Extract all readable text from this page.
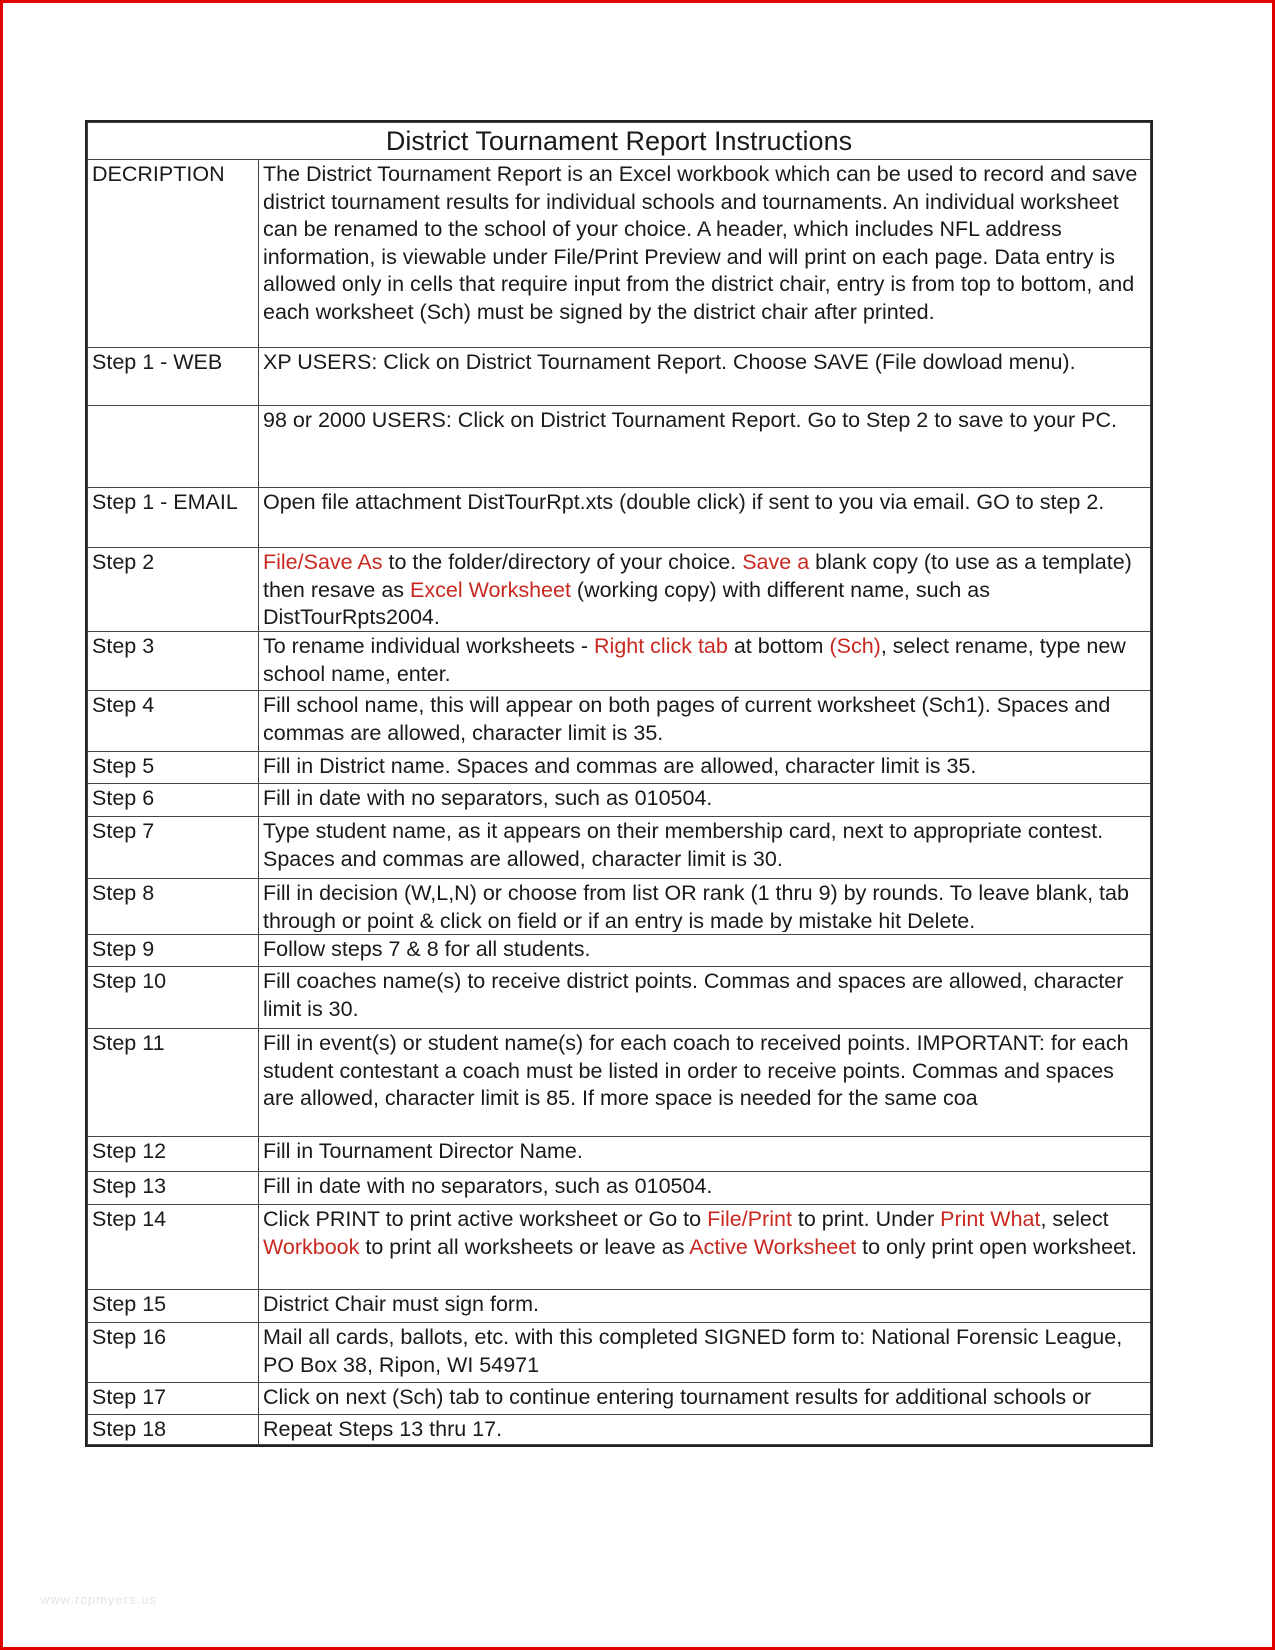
District Tournament Report Instructions	
DECRIPTION	The District Tournament Report is an Excel workbook which can be used to record and save district tournament results for individual schools and tournaments. An individual worksheet can be renamed to the school of your choice. A header, which includes NFL address information, is viewable under File/Print Preview and will print on each page. Data entry is allowed only in cells that require input from the district chair, entry is from top to bottom, and each worksheet (Sch) must be signed by the district chair after printed.

Step 1 - WEB	XP USERS: Click on District Tournament Report. Choose SAVE (File dowload menu).

	98 or 2000 USERS: Click on District Tournament Report. Go to Step 2 to save to your PC.

Step 1 - EMAIL	Open file attachment DistTourRpt.xts (double click) if sent to you via email. GO to step 2.

Step 2	File/Save As to the folder/directory of your choice. Save a blank copy (to use as a template) then resave as Excel Worksheet (working copy) with different name, such as DistTourRpts2004.

Step 3	To rename individual worksheets - Right click tab at bottom (Sch), select rename, type new school name, enter.

Step 4	Fill school name, this will appear on both pages of current worksheet (Sch1). Spaces and commas are allowed, character limit is 35.

Step 5	Fill in District name. Spaces and commas are allowed, character limit is 35.

Step 6	Fill in date with no separators, such as 010504.

Step 7	Type student name, as it appears on their membership card, next to appropriate contest. Spaces and commas are allowed, character limit is 30.

Step 8	Fill in decision (W,L,N) or choose from list OR rank (1 thru 9) by rounds. To leave blank, tab through or point & click on field or if an entry is made by mistake hit Delete.

Step 9	Follow steps 7 & 8 for all students.

Step 10	Fill coaches name(s) to receive district points. Commas and spaces are allowed, character limit is 30.

Step 11	Fill in event(s) or student name(s) for each coach to received points. IMPORTANT: for each student contestant a coach must be listed in order to receive points. Commas and spaces are allowed, character limit is 85. If more space is needed for the same coa

Step 12	Fill in Tournament Director Name.

Step 13	Fill in date with no separators, such as 010504.

Step 14	Click PRINT to print active worksheet or Go to File/Print to print. Under Print What, select Workbook to print all worksheets or leave as Active Worksheet to only print open worksheet.

Step 15	District Chair must sign form.

Step 16	Mail all cards, ballots, etc. with this completed SIGNED form to: National Forensic League, PO Box 38, Ripon, WI 54971

Step 17	Click on next (Sch) tab to continue entering tournament results for additional schools or

Step 18	Repeat Steps 13 thru 17.
www.rcpmyers.us
